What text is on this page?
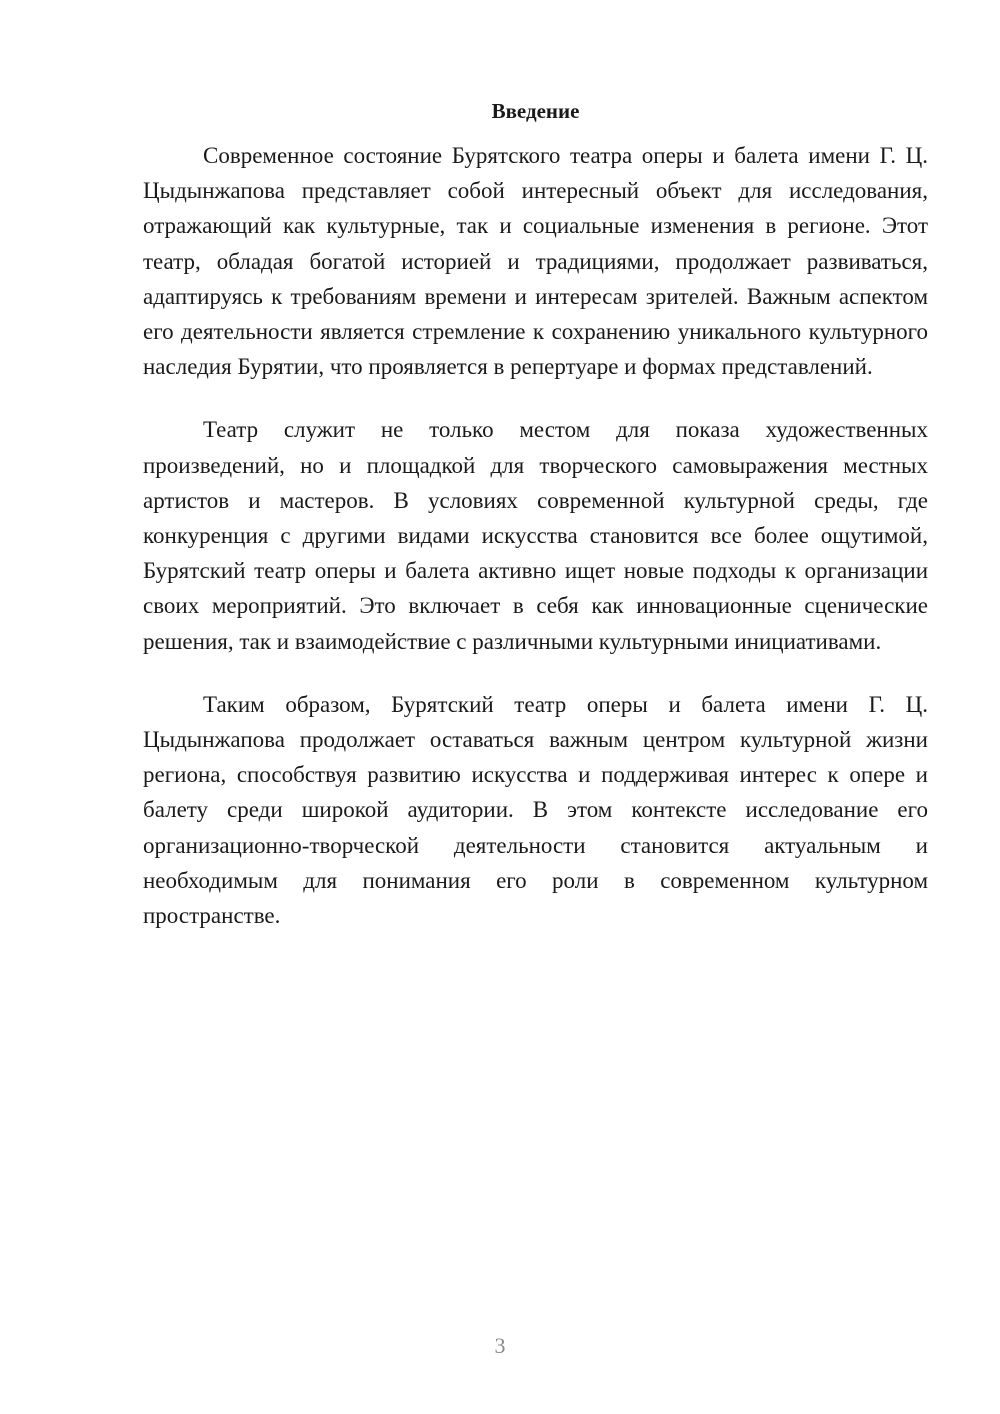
Введение

Современное состояние Бурятского театра оперы и балета имени Г. Ц. Цыдынжапова представляет собой интересный объект для исследования, отражающий как культурные, так и социальные изменения в регионе. Этот театр, обладая богатой историей и традициями, продолжает развиваться, адаптируясь к требованиям времени и интересам зрителей. Важным аспектом его деятельности является стремление к сохранению уникального культурного наследия Бурятии, что проявляется в репертуаре и формах представлений.

Театр служит не только местом для показа художественных произведений, но и площадкой для творческого самовыражения местных артистов и мастеров. В условиях современной культурной среды, где конкуренция с другими видами искусства становится все более ощутимой, Бурятский театр оперы и балета активно ищет новые подходы к организации своих мероприятий. Это включает в себя как инновационные сценические решения, так и взаимодействие с различными культурными инициативами.

Таким образом, Бурятский театр оперы и балета имени Г. Ц. Цыдынжапова продолжает оставаться важным центром культурной жизни региона, способствуя развитию искусства и поддерживая интерес к опере и балету среди широкой аудитории. В этом контексте исследование его организационно-творческой деятельности становится актуальным и необходимым для понимания его роли в современном культурном пространстве.

3
